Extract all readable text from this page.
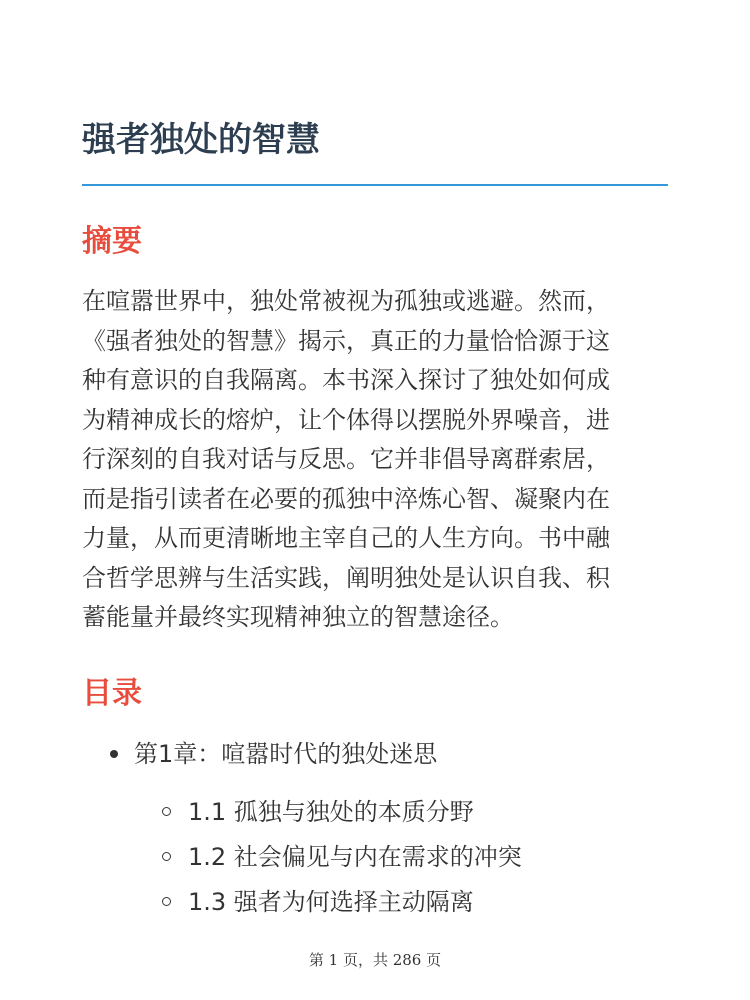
强者独处的智慧
摘要

在喧嚣世界中，独处常被视为孤独或逃避。然而，
《强者独处的智慧》揭示，真正的力量恰恰源于这
种有意识的自我隔离。本书深入探讨了独处如何成
为精神成长的熔炉，让个体得以摆脱外界噪音，进
行深刻的自我对话与反思。它并非倡导离群索居，
而是指引读者在必要的孤独中淬炼心智、凝聚内在
力量，从而更清晰地主宰自己的人生方向。书中融
合哲学思辨与生活实践，阐明独处是认识自我、积
蓄能量并最终实现精神独立的智慧途径。

目录
第1章：喧嚣时代的独处迷思
1.1 孤独与独处的本质分野
1.2 社会偏见与内在需求的冲突
1.3 强者为何选择主动隔离
第 1 页，共 286 页
